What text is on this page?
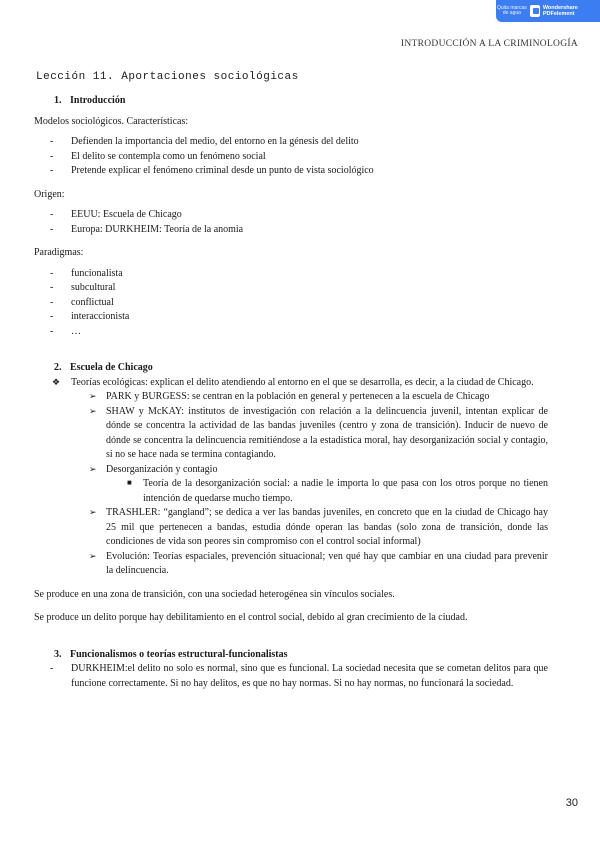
Quita marcas de agua
Wondershare PDFelement
INTRODUCCIÓN A LA CRIMINOLOGÍA
Lección 11. Aportaciones sociológicas
1. Introducción

Modelos sociológicos. Características:

- Defienden la importancia del medio, del entorno en la génesis del delito
- El delito se contempla como un fenómeno social
- Pretende explicar el fenómeno criminal desde un punto de vista sociológico

Origen:

- EEUU: Escuela de Chicago
- Europa: DURKHEIM: Teoría de la anomia

Paradigmas:

- funcionalista
- subcultural
- conflictual
- interaccionista
- …
2. Escuela de Chicago
❖ Teorías ecológicas: explican el delito atendiendo al entorno en el que se desarrolla, es decir, a la ciudad de Chicago.
➢ PARK y BURGESS: se centran en la población en general y pertenecen a la escuela de Chicago
➢ SHAW y McKAY: institutos de investigación con relación a la delincuencia juvenil, intentan explicar de dónde se concentra la actividad de las bandas juveniles (centro y zona de transición). Inducir de nuevo de dónde se concentra la delincuencia remitiéndose a la estadística moral, hay desorganización social y contagio, si no se hace nada se termina contagiando.
➢ Desorganización y contagio
■ Teoría de la desorganización social: a nadie le importa lo que pasa con los otros porque no tienen intención de quedarse mucho tiempo.
➢ TRASHLER: “gangland”; se dedica a ver las bandas juveniles, en concreto que en la ciudad de Chicago hay 25 mil que pertenecen a bandas, estudia dónde operan las bandas (solo zona de transición, donde las condiciones de vida son peores sin compromiso con el control social informal)
➢ Evolución: Teorías espaciales, prevención situacional; ven qué hay que cambiar en una ciudad para prevenir la delincuencia.

Se produce en una zona de transición, con una sociedad heterogénea sin vínculos sociales.

Se produce un delito porque hay debilitamiento en el control social, debido al gran crecimiento de la ciudad.

3. Funcionalismos o teorías estructural-funcionalistas
- DURKHEIM:el delito no solo es normal, sino que es funcional. La sociedad necesita que se cometan delitos para que funcione correctamente. Si no hay delitos, es que no hay normas. Si no hay normas, no funcionará la sociedad.
30
